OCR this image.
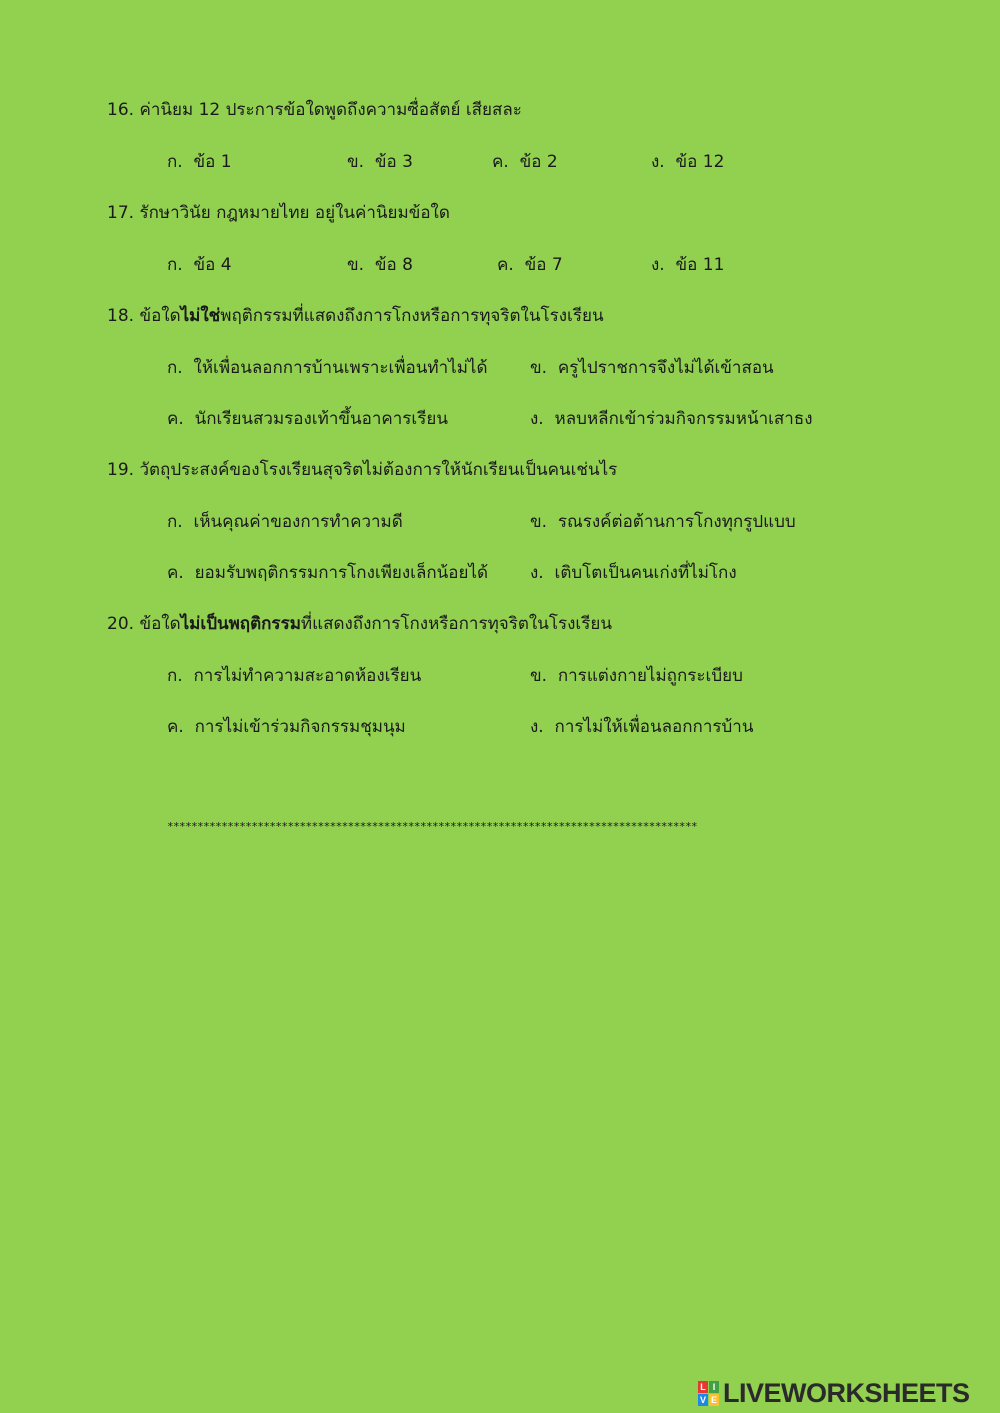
16. ค่านิยม 12 ประการข้อใดพูดถึงความซื่อสัตย์ เสียสละ
ก. ข้อ 1	ข. ข้อ 3	ค. ข้อ 2	ง. ข้อ 12
17. รักษาวินัย กฎหมายไทย อยู่ในค่านิยมข้อใด
ก. ข้อ 4	ข. ข้อ 8	ค. ข้อ 7	ง. ข้อ 11
18. ข้อใดไม่ใช่พฤติกรรมที่แสดงถึงการโกงหรือการทุจริตในโรงเรียน
ก. ให้เพื่อนลอกการบ้านเพราะเพื่อนทำไม่ได้	ข. ครูไปราชการจึงไม่ได้เข้าสอน
ค. นักเรียนสวมรองเท้าขึ้นอาคารเรียน	ง. หลบหลีกเข้าร่วมกิจกรรมหน้าเสาธง
19. วัตถุประสงค์ของโรงเรียนสุจริตไม่ต้องการให้นักเรียนเป็นคนเช่นไร
ก. เห็นคุณค่าของการทำความดี	ข. รณรงค์ต่อต้านการโกงทุกรูปแบบ
ค. ยอมรับพฤติกรรมการโกงเพียงเล็กน้อยได้ ง. เติบโตเป็นคนเก่งที่ไม่โกง
20. ข้อใดไม่เป็นพฤติกรรมที่แสดงถึงการโกงหรือการทุจริตในโรงเรียน
ก. การไม่ทำความสะอาดห้องเรียน	ข. การแต่งกายไม่ถูกระเบียบ
ค. การไม่เข้าร่วมกิจกรรมชุมนุม	ง. การไม่ให้เพื่อนลอกการบ้าน
****************************************************************************************
L I
V E LIVEWORKSHEETS
